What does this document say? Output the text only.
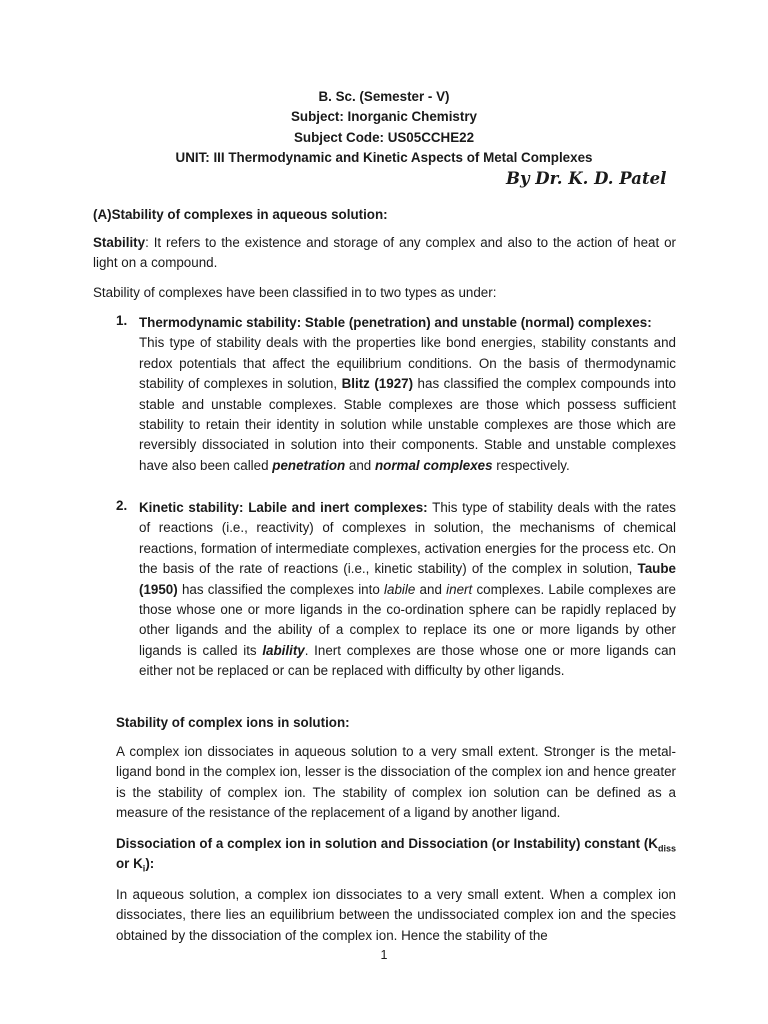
B. Sc. (Semester - V)
Subject: Inorganic Chemistry
Subject Code: US05CCHE22
UNIT: III Thermodynamic and Kinetic Aspects of Metal Complexes
By Dr. K. D. Patel
(A)Stability of complexes in aqueous solution:

Stability: It refers to the existence and storage of any complex and also to the action of heat or light on a compound.

Stability of complexes have been classified in to two types as under:
1. Thermodynamic stability: Stable (penetration) and unstable (normal) complexes:

This type of stability deals with the properties like bond energies, stability constants and redox potentials that affect the equilibrium conditions. On the basis of thermodynamic stability of complexes in solution, Blitz (1927) has classified the complex compounds into stable and unstable complexes. Stable complexes are those which possess sufficient stability to retain their identity in solution while unstable complexes are those which are reversibly dissociated in solution into their components. Stable and unstable complexes have also been called penetration and normal complexes respectively.

2. Kinetic stability: Labile and inert complexes: This type of stability deals with the rates of reactions (i.e., reactivity) of complexes in solution, the mechanisms of chemical reactions, formation of intermediate complexes, activation energies for the process etc. On the basis of the rate of reactions (i.e., kinetic stability) of the complex in solution, Taube (1950) has classified the complexes into labile and inert complexes. Labile complexes are those whose one or more ligands in the co-ordination sphere can be rapidly replaced by other ligands and the ability of a complex to replace its one or more ligands by other ligands is called its lability. Inert complexes are those whose one or more ligands can either not be replaced or can be replaced with difficulty by other ligands.

Stability of complex ions in solution:
A complex ion dissociates in aqueous solution to a very small extent. Stronger is the metal-ligand bond in the complex ion, lesser is the dissociation of the complex ion and hence greater is the stability of complex ion. The stability of complex ion solution can be defined as a measure of the resistance of the replacement of a ligand by another ligand.

Dissociation of a complex ion in solution and Dissociation (or Instability) constant ($K_{diss}$ or $K_i$):

In aqueous solution, a complex ion dissociates to a very small extent. When a complex ion dissociates, there lies an equilibrium between the undissociated complex ion and the species obtained by the dissociation of the complex ion. Hence the stability of the
1
